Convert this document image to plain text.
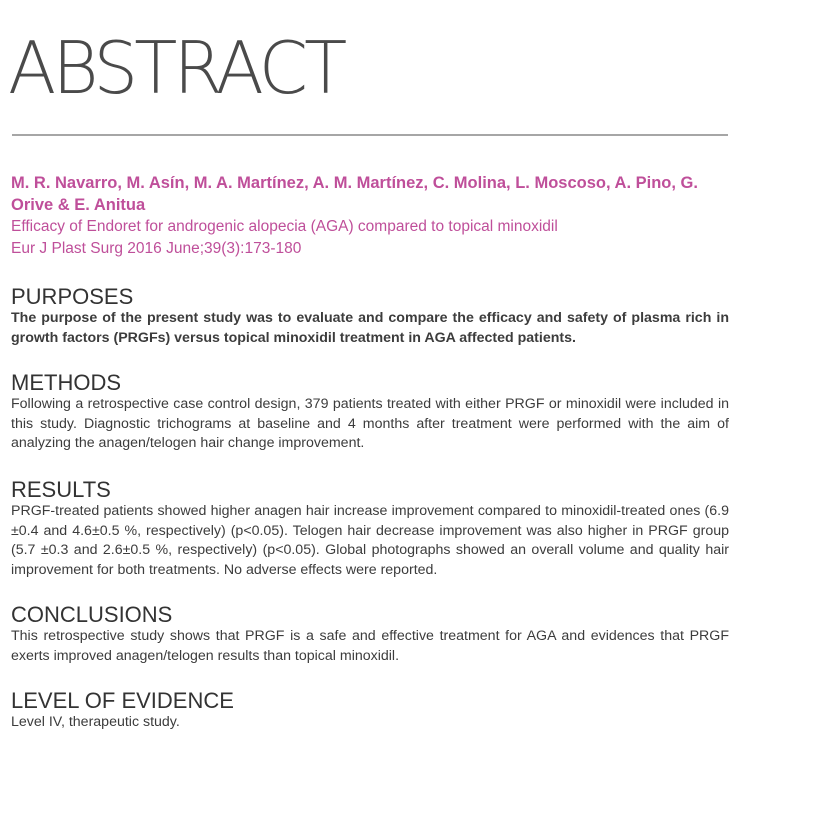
ABSTRACT

M. R. Navarro, M. Asín, M. A. Martínez, A. M. Martínez, C. Molina, L. Moscoso, A. Pino, G. Orive & E. Anitua

Efficacy of Endoret for androgenic alopecia (AGA) compared to topical minoxidil

Eur J Plast Surg 2016 June;39(3):173-180

PURPOSES

The purpose of the present study was to evaluate and compare the efficacy and safety of plasma rich in growth factors (PRGFs) versus topical minoxidil treatment in AGA affected patients.

METHODS

Following a retrospective case control design, 379 patients treated with either PRGF or minoxidil were included in this study. Diagnostic trichograms at baseline and 4 months after treatment were performed with the aim of analyzing the anagen/telogen hair change improvement.

RESULTS

PRGF-treated patients showed higher anagen hair increase improvement compared to minoxidil-treated ones (6.9 ±0.4 and 4.6±0.5 %, respectively) (p<0.05). Telogen hair decrease improvement was also higher in PRGF group (5.7 ±0.3 and 2.6±0.5 %, respectively) (p<0.05). Global photographs showed an overall volume and quality hair improvement for both treatments. No adverse effects were reported.

CONCLUSIONS

This retrospective study shows that PRGF is a safe and effective treatment for AGA and evidences that PRGF exerts improved anagen/telogen results than topical minoxidil.

LEVEL OF EVIDENCE

Level IV, therapeutic study.
